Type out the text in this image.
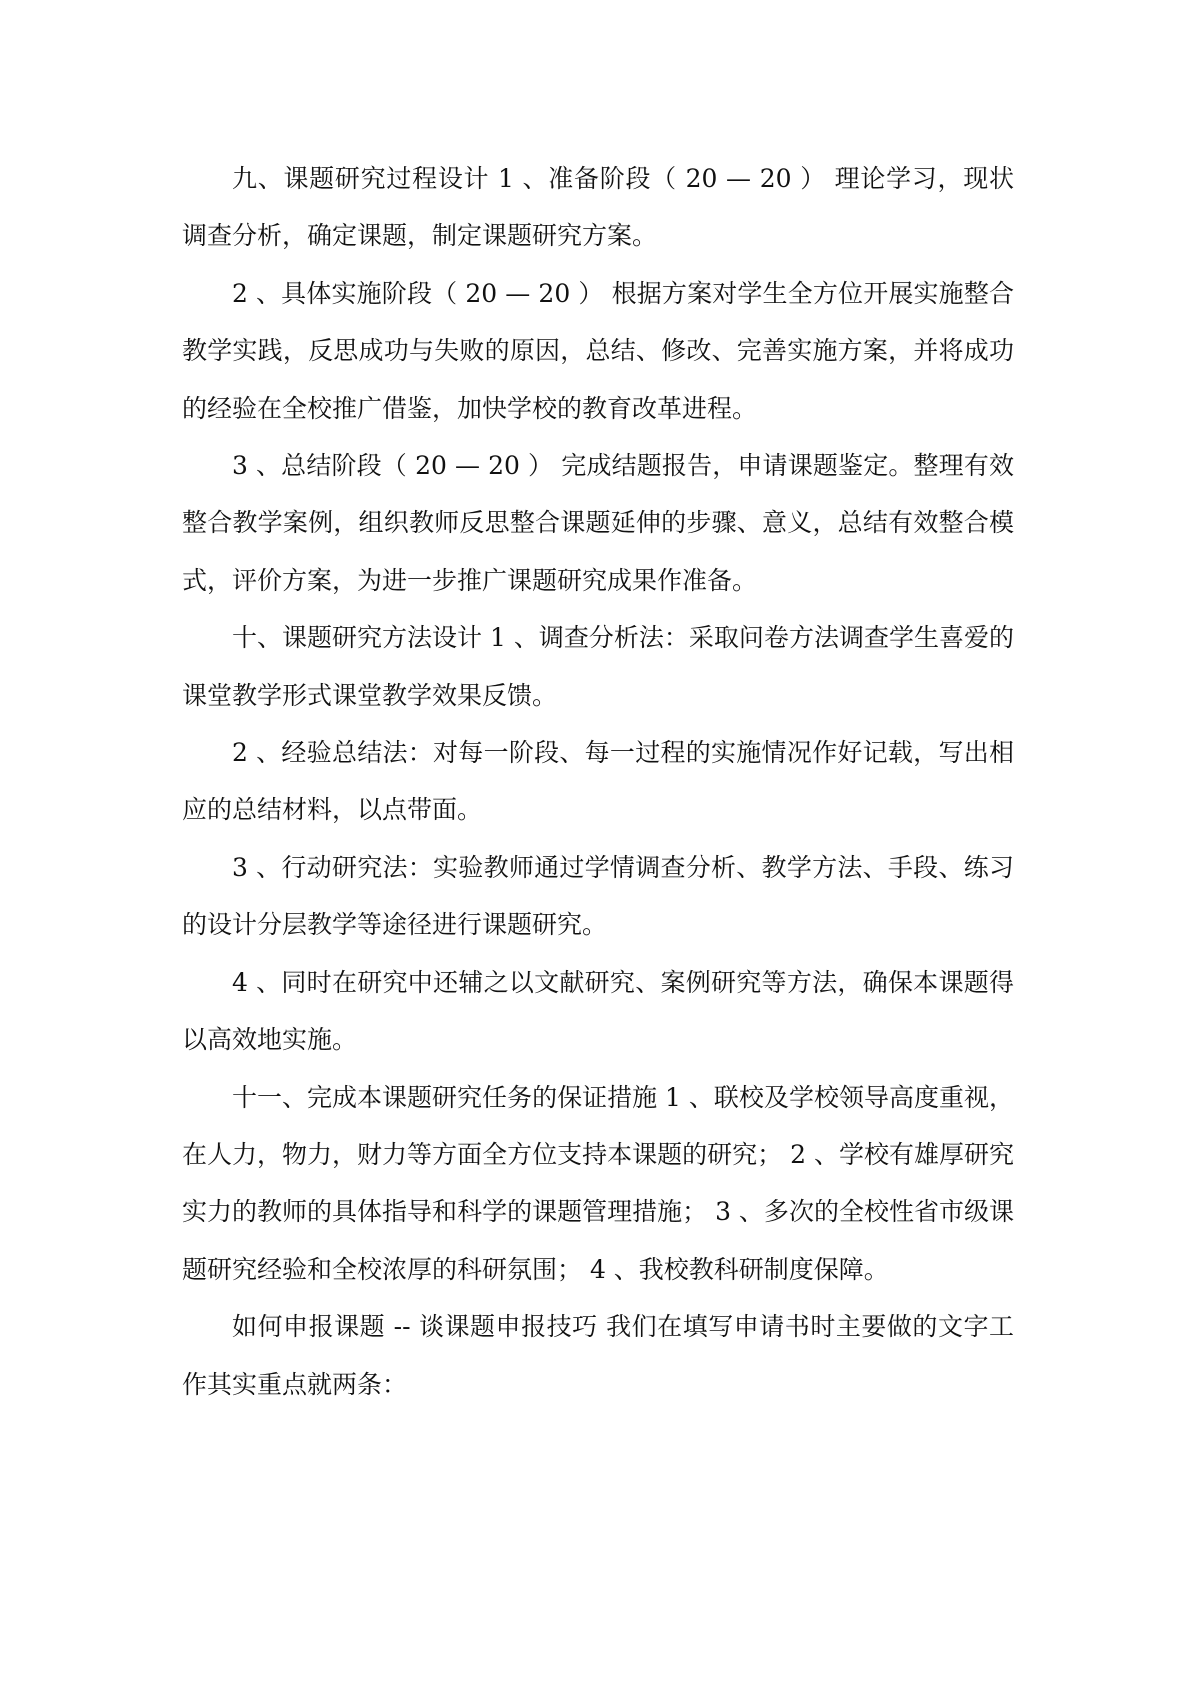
九、课题研究过程设计 1 、准备阶段（ 20 — 20 ） 理论学习，现状调查分析，确定课题，制定课题研究方案。

2 、具体实施阶段（ 20 — 20 ） 根据方案对学生全方位开展实施整合教学实践，反思成功与失败的原因，总结、修改、完善实施方案，并将成功的经验在全校推广借鉴，加快学校的教育改革进程。

3 、总结阶段（ 20 — 20 ） 完成结题报告，申请课题鉴定。整理有效整合教学案例，组织教师反思整合课题延伸的步骤、意义，总结有效整合模式，评价方案，为进一步推广课题研究成果作准备。

十、课题研究方法设计 1 、调查分析法：采取问卷方法调查学生喜爱的课堂教学形式课堂教学效果反馈。

2 、经验总结法：对每一阶段、每一过程的实施情况作好记载，写出相应的总结材料，以点带面。

3 、行动研究法：实验教师通过学情调查分析、教学方法、手段、练习的设计分层教学等途径进行课题研究。

4 、同时在研究中还辅之以文献研究、案例研究等方法，确保本课题得以高效地实施。

十一、完成本课题研究任务的保证措施 1 、联校及学校领导高度重视，在人力，物力，财力等方面全方位支持本课题的研究； 2 、学校有雄厚研究实力的教师的具体指导和科学的课题管理措施； 3 、多次的全校性省市级课题研究经验和全校浓厚的科研氛围； 4 、我校教科研制度保障。

如何申报课题 -- 谈课题申报技巧 我们在填写申请书时主要做的文字工作其实重点就两条：
